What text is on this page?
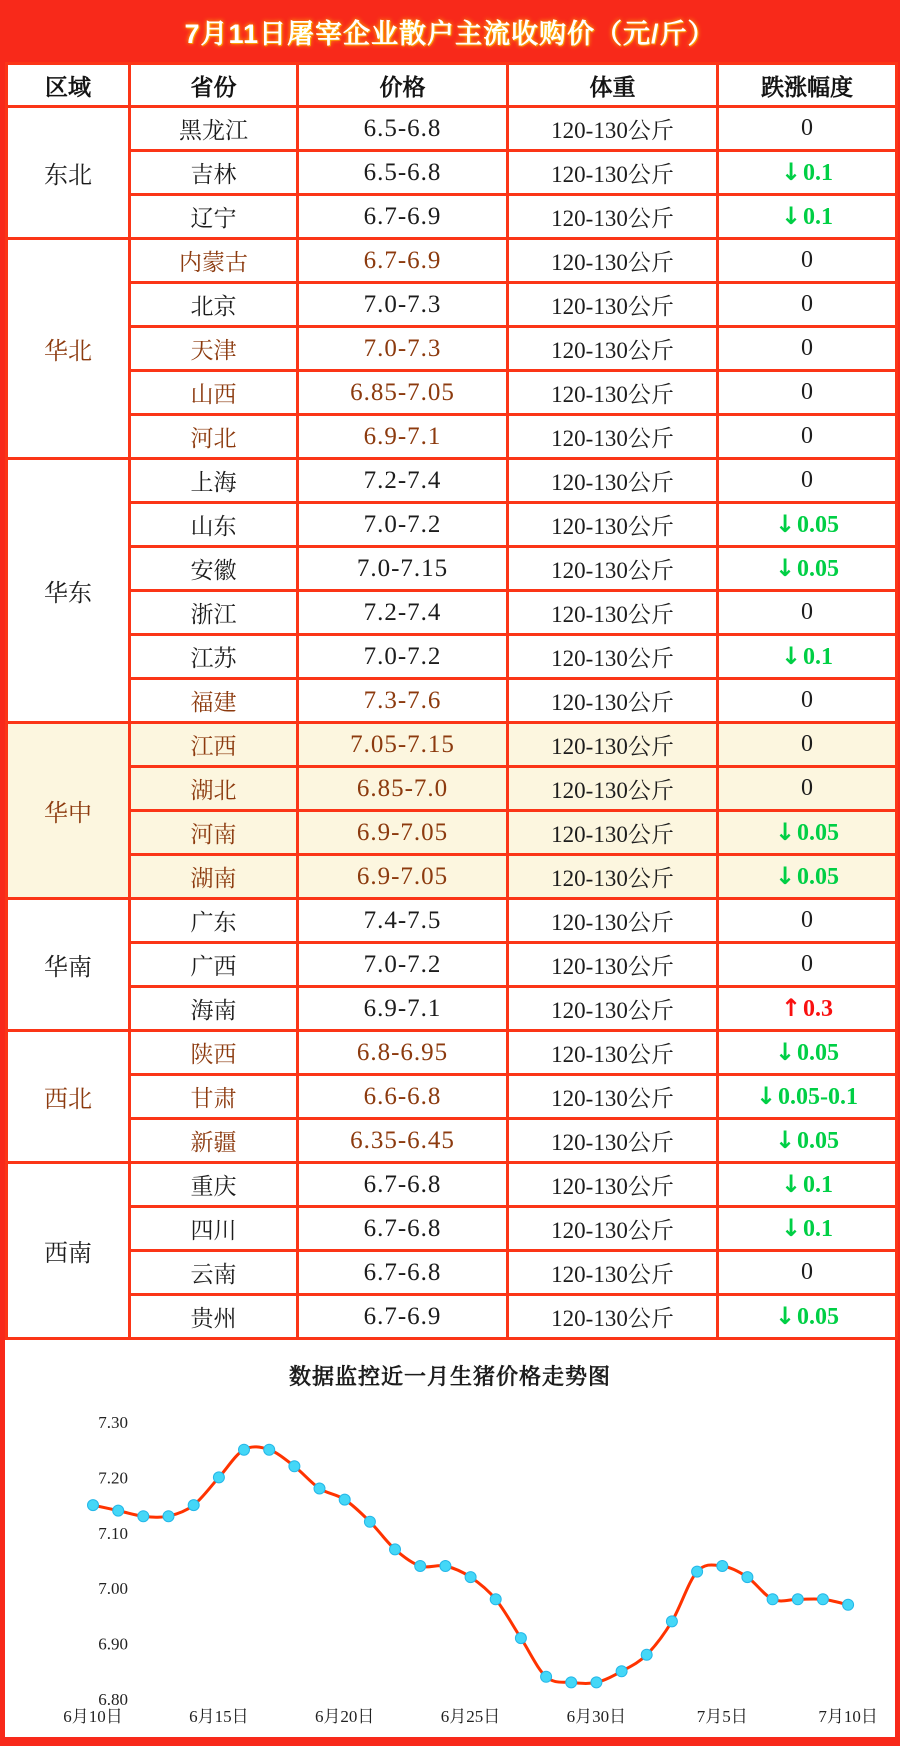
7月11日屠宰企业散户主流收购价（元/斤）
区域	省份	价格	体重	跌涨幅度
东北	黑龙江	6.5-6.8	120-130公斤	0
	吉林	6.5-6.8	120-130公斤	↓0.1
	辽宁	6.7-6.9	120-130公斤	↓0.1
华北	内蒙古	6.7-6.9	120-130公斤	0
	北京	7.0-7.3	120-130公斤	0
	天津	7.0-7.3	120-130公斤	0
	山西	6.85-7.05	120-130公斤	0
	河北	6.9-7.1	120-130公斤	0
华东	上海	7.2-7.4	120-130公斤	0
	山东	7.0-7.2	120-130公斤	↓0.05
	安徽	7.0-7.15	120-130公斤	↓0.05
	浙江	7.2-7.4	120-130公斤	0
	江苏	7.0-7.2	120-130公斤	↓0.1
	福建	7.3-7.6	120-130公斤	0
华中	江西	7.05-7.15	120-130公斤	0
	湖北	6.85-7.0	120-130公斤	0
	河南	6.9-7.05	120-130公斤	↓0.05
	湖南	6.9-7.05	120-130公斤	↓0.05
华南	广东	7.4-7.5	120-130公斤	0
	广西	7.0-7.2	120-130公斤	0
	海南	6.9-7.1	120-130公斤	↑0.3
西北	陕西	6.8-6.95	120-130公斤	↓0.05
	甘肃	6.6-6.8	120-130公斤	↓0.05-0.1
	新疆	6.35-6.45	120-130公斤	↓0.05
西南	重庆	6.7-6.8	120-130公斤	↓0.1
	四川	6.7-6.8	120-130公斤	↓0.1
	云南	6.7-6.8	120-130公斤	0
	贵州	6.7-6.9	120-130公斤	↓0.05
数据监控近一月生猪价格走势图
6.80
6.90
7.00
7.10
7.20
7.30
6月10日	6月15日	6月20日	6月25日	6月30日	7月5日	7月10日
